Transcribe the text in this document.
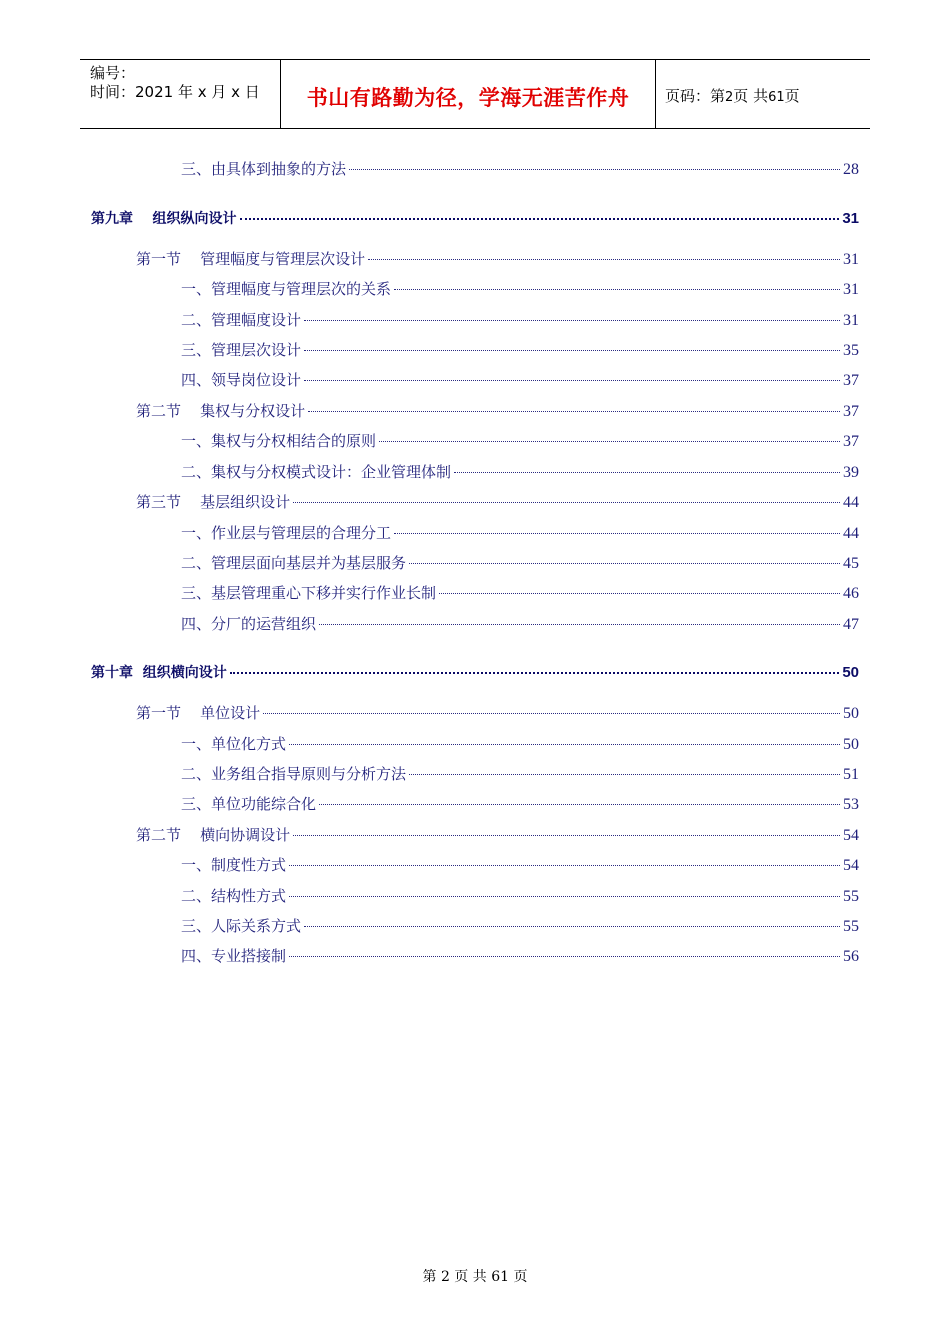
编号：
时间：2021 年 x 月 x 日	书山有路勤为径，学海无涯苦作舟	页码：第2页 共61页
三、由具体到抽象的方法	28
第九章    组织纵向设计	31
第一节    管理幅度与管理层次设计	31
一、管理幅度与管理层次的关系	31
二、管理幅度设计	31
三、管理层次设计	35
四、领导岗位设计	37
第二节    集权与分权设计	37
一、集权与分权相结合的原则	37
二、集权与分权模式设计：企业管理体制	39
第三节    基层组织设计	44
一、作业层与管理层的合理分工	44
二、管理层面向基层并为基层服务	45
三、基层管理重心下移并实行作业长制	46
四、分厂的运营组织	47
第十章  组织横向设计	50
第一节    单位设计	50
一、单位化方式	50
二、业务组合指导原则与分析方法	51
三、单位功能综合化	53
第二节    横向协调设计	54
一、制度性方式	54
二、结构性方式	55
三、人际关系方式	55
四、专业搭接制	56
第 2 页 共 61 页
